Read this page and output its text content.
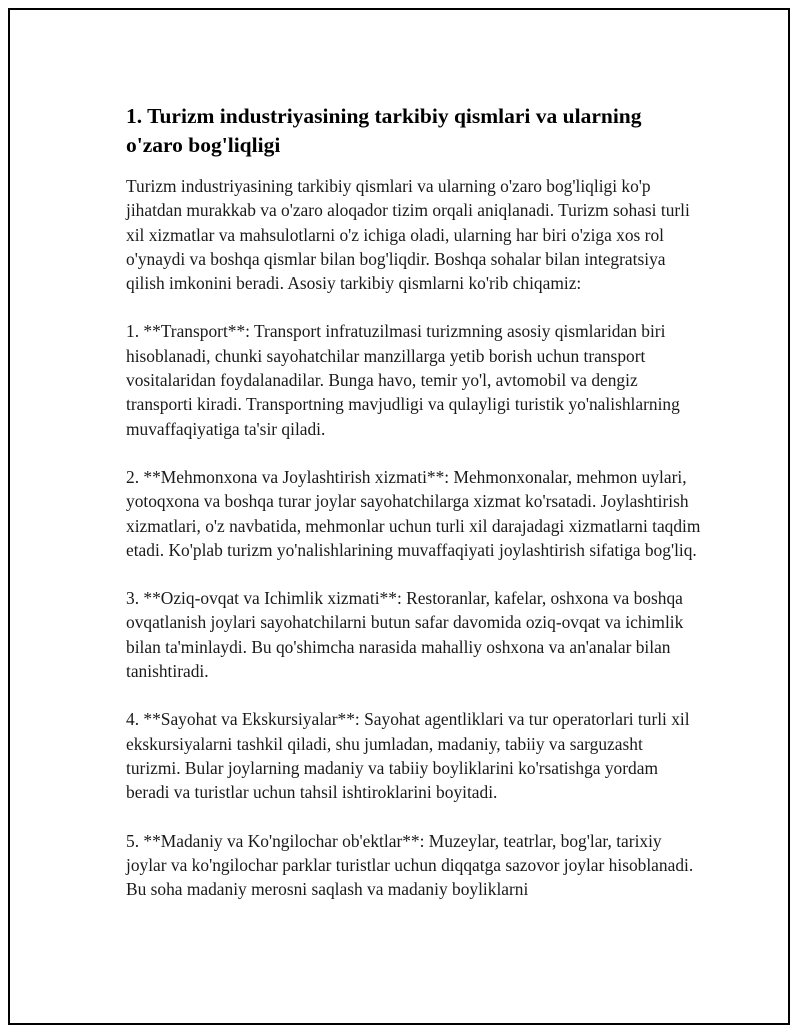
1. Turizm industriyasining tarkibiy qismlari va ularning o'zaro bog'liqligi

Turizm industriyasining tarkibiy qismlari va ularning o'zaro bog'liqligi ko'p jihatdan murakkab va o'zaro aloqador tizim orqali aniqlanadi. Turizm sohasi turli xil xizmatlar va mahsulotlarni o'z ichiga oladi, ularning har biri o'ziga xos rol o'ynaydi va boshqa qismlar bilan bog'liqdir. Boshqa sohalar bilan integratsiya qilish imkonini beradi. Asosiy tarkibiy qismlarni ko'rib chiqamiz:

1. **Transport**: Transport infratuzilmasi turizmning asosiy qismlaridan biri hisoblanadi, chunki sayohatchilar manzillarga yetib borish uchun transport vositalaridan foydalanadilar. Bunga havo, temir yo'l, avtomobil va dengiz transporti kiradi. Transportning mavjudligi va qulayligi turistik yo'nalishlarning muvaffaqiyatiga ta'sir qiladi.

2. **Mehmonxona va Joylashtirish xizmati**: Mehmonxonalar, mehmon uylari, yotoqxona va boshqa turar joylar sayohatchilarga xizmat ko'rsatadi. Joylashtirish xizmatlari, o'z navbatida, mehmonlar uchun turli xil darajadagi xizmatlarni taqdim etadi. Ko'plab turizm yo'nalishlarining muvaffaqiyati joylashtirish sifatiga bog'liq.

3. **Oziq-ovqat va Ichimlik xizmati**: Restoranlar, kafelar, oshxona va boshqa ovqatlanish joylari sayohatchilarni butun safar davomida oziq-ovqat va ichimlik bilan ta'minlaydi. Bu qo'shimcha narasida mahalliy oshxona va an'analar bilan tanishtiradi.

4. **Sayohat va Ekskursiyalar**: Sayohat agentliklari va tur operatorlari turli xil ekskursiyalarni tashkil qiladi, shu jumladan, madaniy, tabiiy va sarguzasht turizmi. Bular joylarning madaniy va tabiiy boyliklarini ko'rsatishga yordam beradi va turistlar uchun tahsil ishtiroklarini boyitadi.

5. **Madaniy va Ko'ngilochar ob'ektlar**: Muzeylar, teatrlar, bog'lar, tarixiy joylar va ko'ngilochar parklar turistlar uchun diqqatga sazovor joylar hisoblanadi. Bu soha madaniy merosni saqlash va madaniy boyliklarni
